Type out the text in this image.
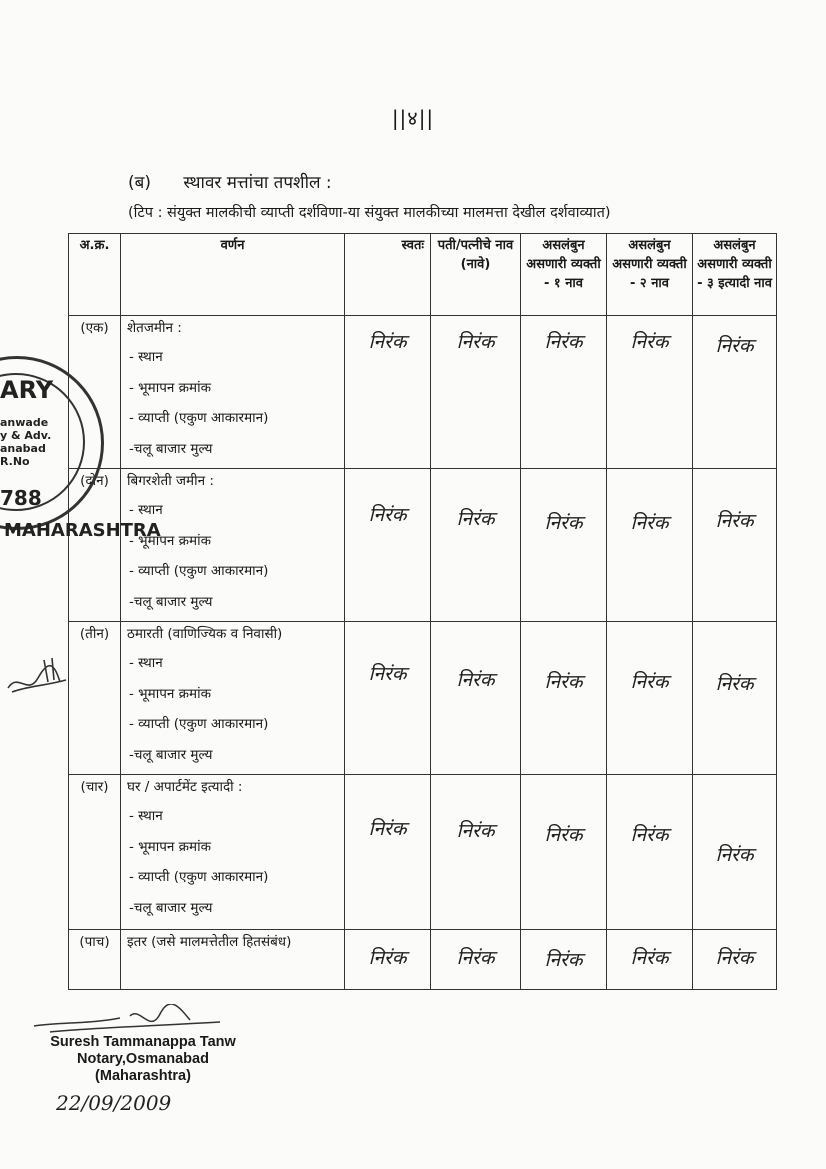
||४||
(ब) स्थावर मत्तांचा तपशील :
(टिप : संयुक्त मालकीची व्याप्ती दर्शविणा-या संयुक्त मालकीच्या मालमत्ता देखील दर्शवाव्यात)
अ.क्र.	वर्णन	स्वतः	पती/पत्नीचे नाव (नावे)	असलंबुन असणारी व्यक्ती - १ नाव	असलंबुन असणारी व्यक्ती - २ नाव	असलंबुन असणारी व्यक्ती - ३ इत्यादी नाव
(एक)	शेतजमीन :
- स्थान
- भूमापन क्रमांक
- व्याप्ती (एकुण आकारमान)
-चलू बाजार मुल्य	निरंक	निरंक	निरंक	निरंक	निरंक

(दोन)	बिगरशेती जमीन :
- स्थान
- भूमापन क्रमांक
- व्याप्ती (एकुण आकारमान)
-चलू बाजार मुल्य	निरंक	निरंक	निरंक	निरंक	निरंक

(तीन)	ठमारती (वाणिज्यिक व निवासी)
- स्थान
- भूमापन क्रमांक
- व्याप्ती (एकुण आकारमान)
-चलू बाजार मुल्य	निरंक	निरंक	निरंक	निरंक	निरंक

(चार)	घर / अपार्टमेंट इत्यादी :
- स्थान
- भूमापन क्रमांक
- व्याप्ती (एकुण आकारमान)
-चलू बाजार मुल्य	निरंक	निरंक	निरंक	निरंक	निरंक

(पाच)	इतर (जसे मालमत्तेतील हितसंबंध)	निरंक	निरंक	निरंक	निरंक	निरंक
ARY
anwade
y & Adv.
anabad
R.No
788
MAHARASHTRA
Suresh Tammanappa Tanw
Notary,Osmanabad
(Maharashtra)
22/09/2009
